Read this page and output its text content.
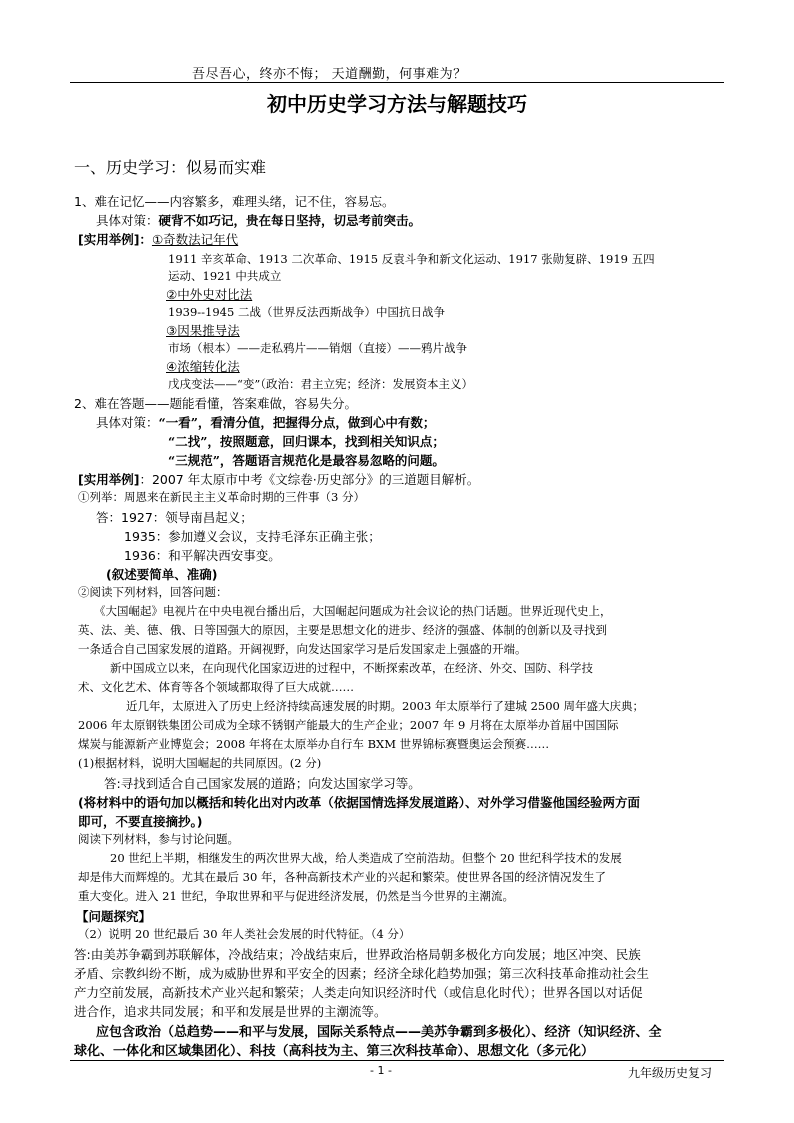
吾尽吾心，终亦不悔； 天道酬勤，何事难为？
初中历史学习方法与解题技巧
一、历史学习：似易而实难
1、难在记忆——内容繁多，难理头绪，记不住，容易忘。
具体对策：硬背不如巧记，贵在每日坚持，切忌考前突击。
[实用举例]：①奇数法记年代
1911 辛亥革命、1913 二次革命、1915 反袁斗争和新文化运动、1917 张勋复辟、1919 五四
运动、1921 中共成立
②中外史对比法
1939--1945 二战（世界反法西斯战争）中国抗日战争
③因果推导法
市场（根本）——走私鸦片——销烟（直接）——鸦片战争
④浓缩转化法
戊戌变法——“变”（政治：君主立宪；经济：发展资本主义）
2、难在答题——题能看懂，答案难做，容易失分。
具体对策：“一看”，看清分值，把握得分点，做到心中有数；
“二找”，按照题意，回归课本，找到相关知识点；
“三规范”，答题语言规范化是最容易忽略的问题。
[实用举例]：2007 年太原市中考《文综卷·历史部分》的三道题目解析。
①列举：周恩来在新民主主义革命时期的三件事（3 分）
答：1927：领导南昌起义；
1935：参加遵义会议，支持毛泽东正确主张；
1936：和平解决西安事变。
(叙述要简单、准确)
②阅读下列材料，回答问题：
《大国崛起》电视片在中央电视台播出后，大国崛起问题成为社会议论的热门话题。世界近现代史上，
英、法、美、德、俄、日等国强大的原因，主要是思想文化的进步、经济的强盛、体制的创新以及寻找到
一条适合自己国家发展的道路。开阔视野，向发达国家学习是后发国家走上强盛的开端。
新中国成立以来，在向现代化国家迈进的过程中，不断探索改革，在经济、外交、国防、科学技
术、文化艺术、体育等各个领域都取得了巨大成就……
近几年，太原进入了历史上经济持续高速发展的时期。2003 年太原举行了建城 2500 周年盛大庆典；
2006 年太原钢铁集团公司成为全球不锈钢产能最大的生产企业；2007 年 9 月将在太原举办首届中国国际
煤炭与能源新产业博览会；2008 年将在太原举办自行车 BXM 世界锦标赛暨奥运会预赛……
(1)根据材料，说明大国崛起的共同原因。(2 分)
答:寻找到适合自己国家发展的道路；向发达国家学习等。
(将材料中的语句加以概括和转化出对内改革（依据国情选择发展道路）、对外学习借鉴他国经验两方面
即可，不要直接摘抄。)
阅读下列材料，参与讨论问题。
20 世纪上半期，相继发生的两次世界大战，给人类造成了空前浩劫。但整个 20 世纪科学技术的发展
却是伟大而辉煌的。尤其在最后 30 年，各种高新技术产业的兴起和繁荣。使世界各国的经济情况发生了
重大变化。进入 21 世纪，争取世界和平与促进经济发展，仍然是当今世界的主潮流。
【问题探究】
（2）说明 20 世纪最后 30 年人类社会发展的时代特征。（4 分）
答:由美苏争霸到苏联解体，冷战结束；冷战结束后，世界政治格局朝多极化方向发展；地区冲突、民族
矛盾、宗教纠纷不断，成为威胁世界和平安全的因素；经济全球化趋势加强；第三次科技革命推动社会生
产力空前发展，高新技术产业兴起和繁荣；人类走向知识经济时代（或信息化时代）；世界各国以对话促
进合作，追求共同发展；和平和发展是世界的主潮流等。
应包含政治（总趋势——和平与发展，国际关系特点——美苏争霸到多极化）、经济（知识经济、全
球化、一体化和区域集团化）、科技（高科技为主、第三次科技革命）、思想文化（多元化）
- 1 -	九年级历史复习
